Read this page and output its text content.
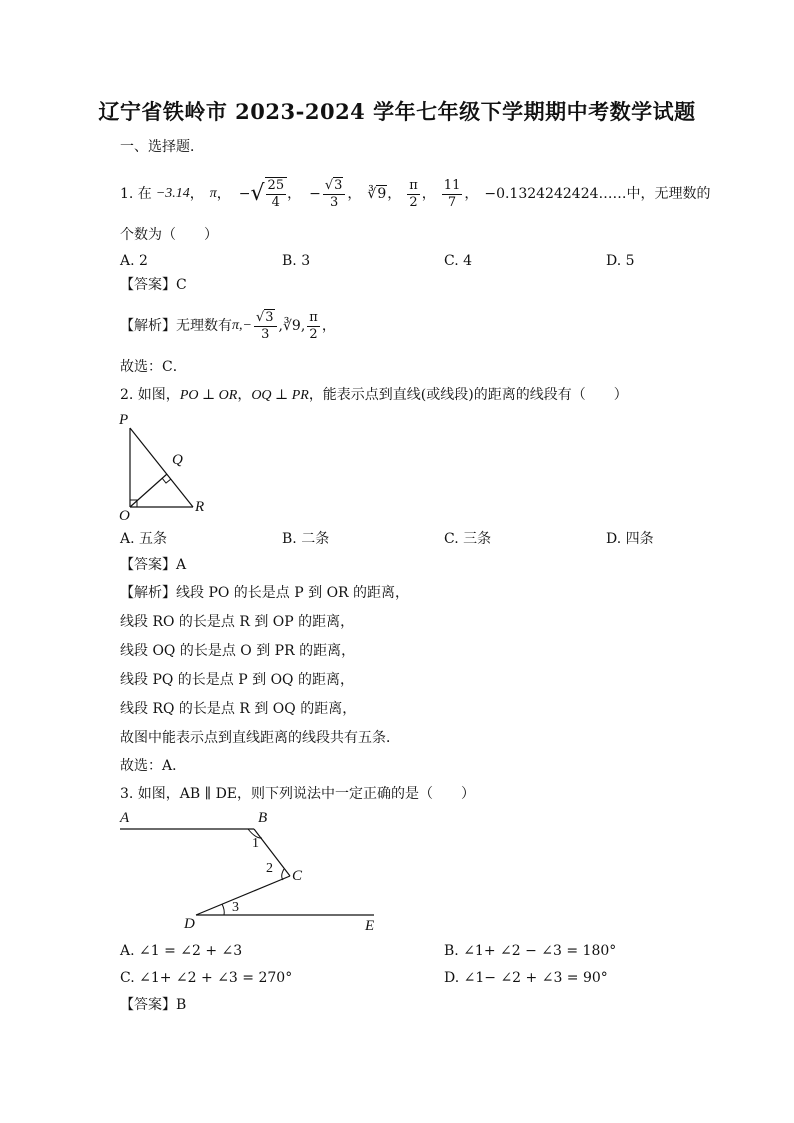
辽宁省铁岭市 2023-2024 学年七年级下学期期中考数学试题
一、选择题．
1. 在 −3.14 ， π ， − √ $\frac{25}{4}$ ， − $\frac{√3}{3}$ ， ∛9 ， $\frac{\pi}{2}$ ， $\frac{11}{7}$ ， −0.1324242424…… 中，无理数的
个数为（　　）
A. 2	B. 3	C. 4	D. 5
【答案】C
【解析】无理数有 $\pi,- \frac{√3}{3}$ ,∛9, $\frac{\pi}{2}$ ，
故选：C．
2. 如图，PO ⊥ OR，OQ ⊥ PR，能表示点到直线(或线段)的距离的线段有（　　）
P
Q
O
R
A. 五条	B. 二条	C. 三条	D. 四条
【答案】A
【解析】线段 PO 的长是点 P 到 OR 的距离，
线段 RO 的长是点 R 到 OP 的距离，
线段 OQ 的长是点 O 到 PR 的距离，
线段 PQ 的长是点 P 到 OQ 的距离，
线段 RQ 的长是点 R 到 OQ 的距离，
故图中能表示点到直线距离的线段共有五条．
故选：A．
3. 如图，AB ∥ DE，则下列说法中一定正确的是（　　）
A	B
C
D	E
1
2
3
A. ∠1 = ∠2 + ∠3	B. ∠1+ ∠2 − ∠3 = 180°
C. ∠1+ ∠2 + ∠3 = 270°	D. ∠1− ∠2 + ∠3 = 90°
【答案】B
